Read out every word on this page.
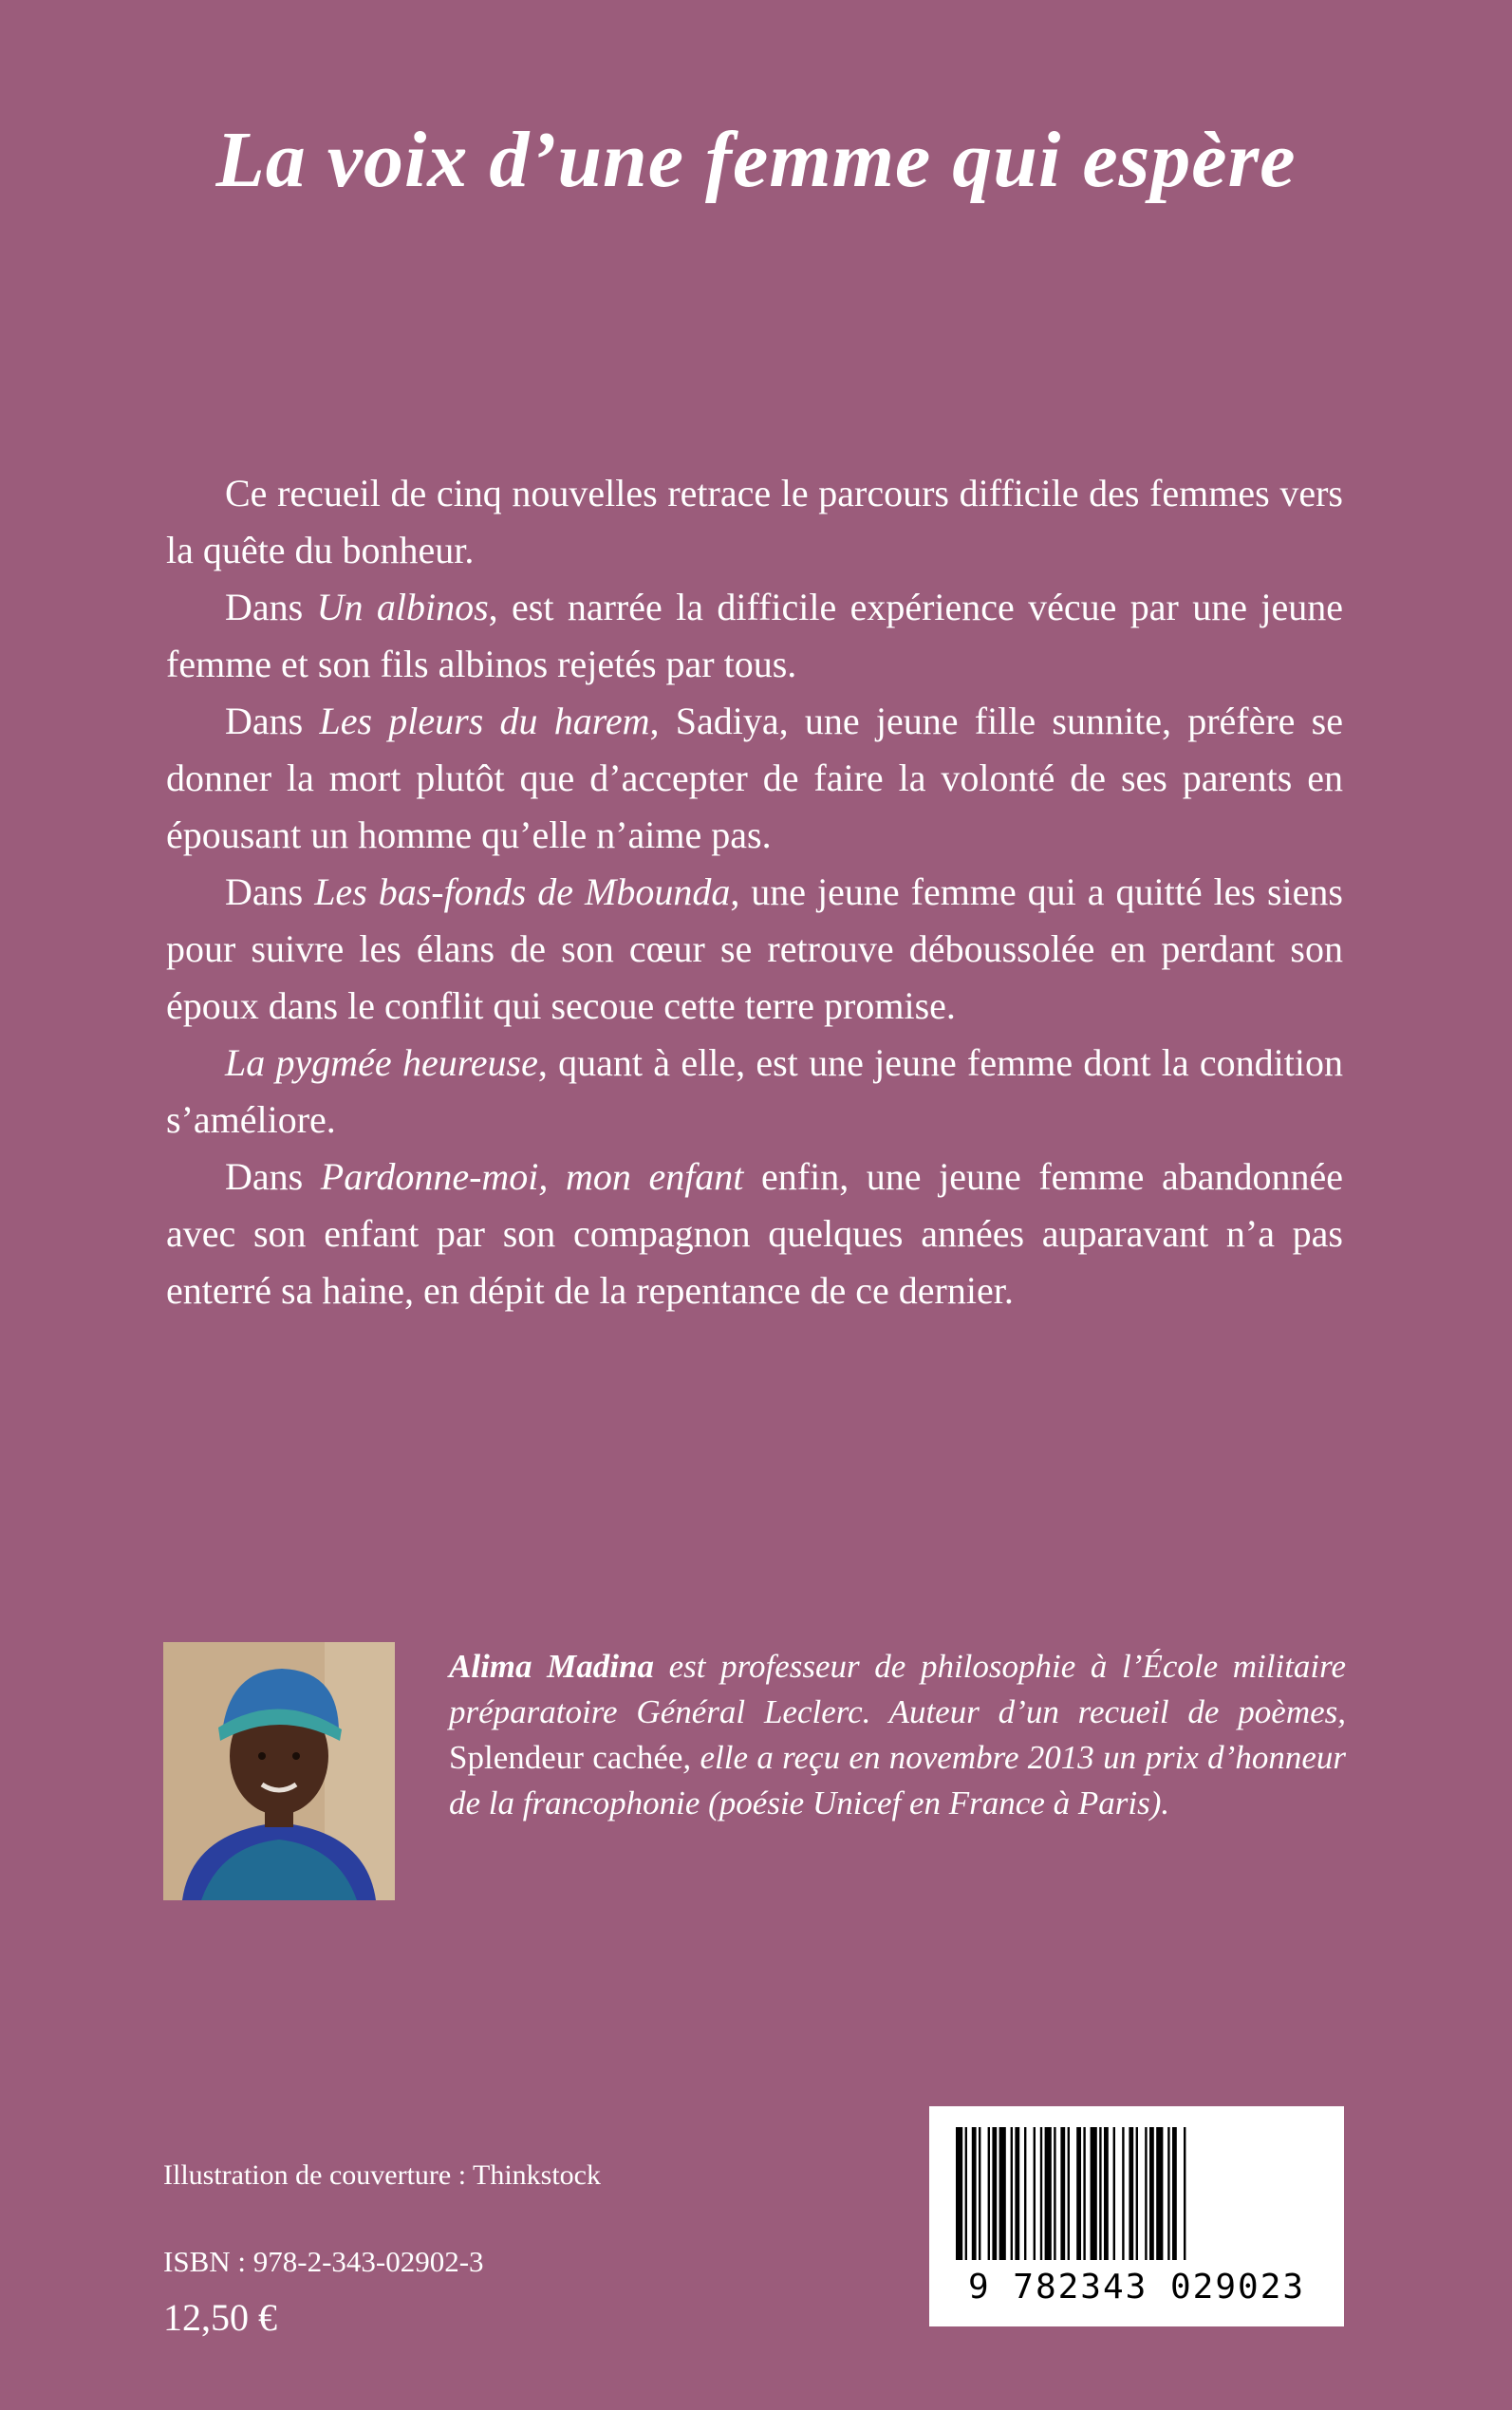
La voix d’une femme qui espère

Ce recueil de cinq nouvelles retrace le parcours difficile des femmes vers la quête du bonheur.

Dans Un albinos, est narrée la difficile expérience vécue par une jeune femme et son fils albinos rejetés par tous.

Dans Les pleurs du harem, Sadiya, une jeune fille sunnite, préfère se donner la mort plutôt que d’accepter de faire la volonté de ses parents en épousant un homme qu’elle n’aime pas.

Dans Les bas-fonds de Mbounda, une jeune femme qui a quitté les siens pour suivre les élans de son cœur se retrouve déboussolée en perdant son époux dans le conflit qui secoue cette terre promise.

La pygmée heureuse, quant à elle, est une jeune femme dont la condition s’améliore.

Dans Pardonne-moi, mon enfant enfin, une jeune femme abandonnée avec son enfant par son compagnon quelques années auparavant n’a pas enterré sa haine, en dépit de la repentance de ce dernier.

Alima Madina est professeur de philosophie à l’École militaire préparatoire Général Leclerc. Auteur d’un recueil de poèmes, Splendeur cachée, elle a reçu en novembre 2013 un prix d’honneur de la francophonie (poésie Unicef en France à Paris).
Illustration de couverture : Thinkstock
ISBN : 978-2-343-02902-3
12,50 €
9 782343 029023
